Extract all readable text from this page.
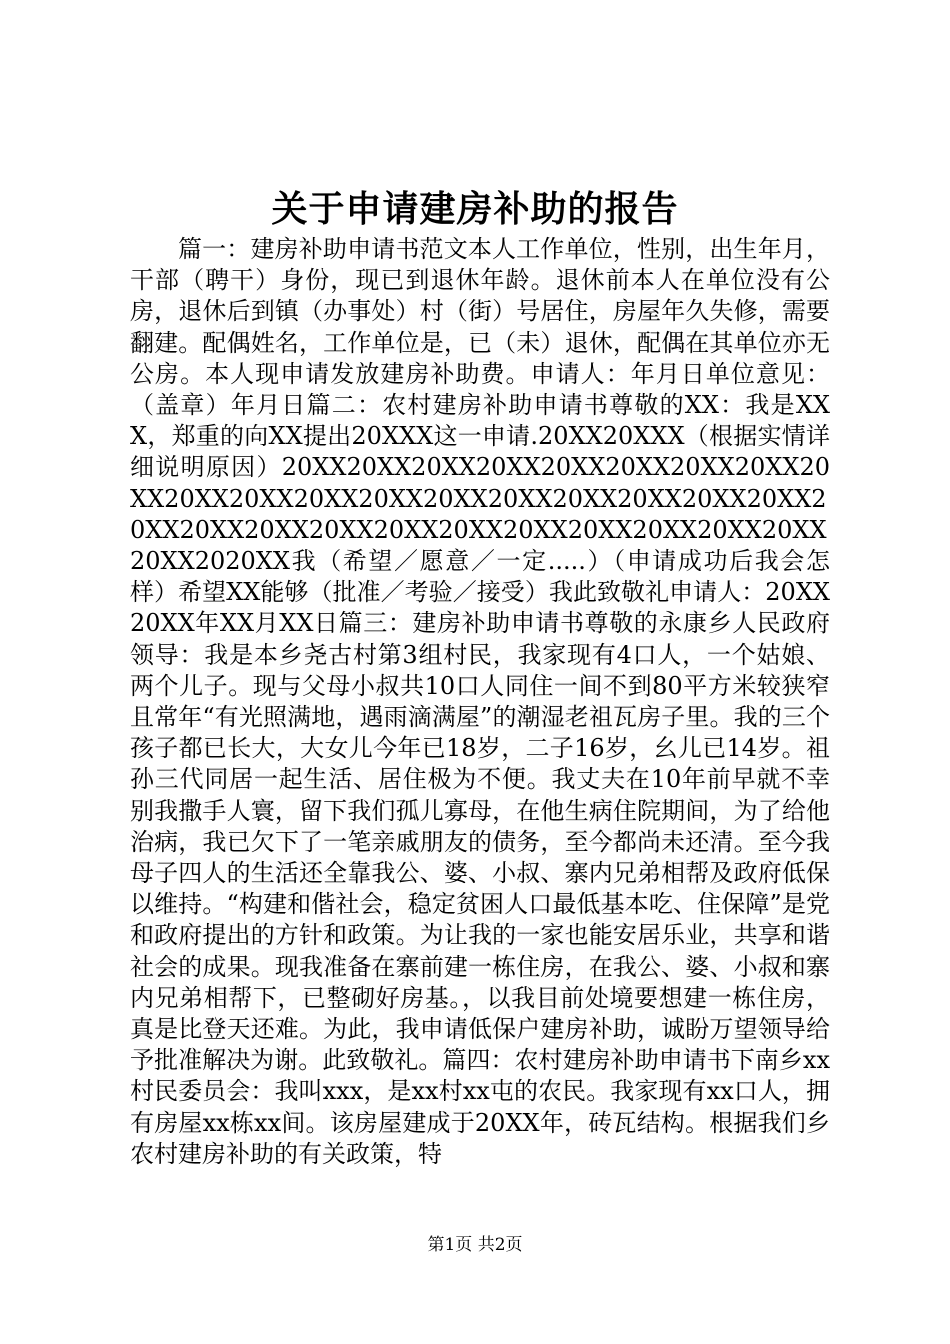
关于申请建房补助的报告

篇一：建房补助申请书范文本人工作单位，性别，出生年月，干部（聘干）身份，现已到退休年龄。退休前本人在单位没有公房，退休后到镇（办事处）村（街）号居住，房屋年久失修，需要翻建。配偶姓名，工作单位是，已（未）退休，配偶在其单位亦无公房。本人现申请发放建房补助费。申请人：年月日单位意见：（盖章）年月日篇二：农村建房补助申请书尊敬的XX：我是XXX，郑重的向XX提出20XXX这一申请.20XX20XXX（根据实情详细说明原因）20XX20XX20XX20XX20XX20XX20XX20XX20XX20XX20XX20XX20XX20XX20XX20XX20XX20XX20XX20XX20XX20XX20XX20XX20XX20XX20XX20XX20XX20XX20XX2020XX我（希望／愿意／一定.....）（申请成功后我会怎样）希望XX能够（批准／考验／接受）我此致敬礼申请人：20XX20XX年XX月XX日篇三：建房补助申请书尊敬的永康乡人民政府领导：我是本乡尧古村第3组村民，我家现有4口人，一个姑娘、两个儿子。现与父母小叔共10口人同住一间不到80平方米较狭窄且常年“有光照满地，遇雨滴满屋”的潮湿老祖瓦房子里。我的三个孩子都已长大，大女儿今年已18岁，二子16岁，幺儿已14岁。祖孙三代同居一起生活、居住极为不便。我丈夫在10年前早就不幸别我撒手人寰，留下我们孤儿寡母，在他生病住院期间，为了给他治病，我已欠下了一笔亲戚朋友的债务，至今都尚未还清。至今我母子四人的生活还全靠我公、婆、小叔、寨内兄弟相帮及政府低保以维持。“构建和偕社会，稳定贫困人口最低基本吃、住保障”是党和政府提出的方针和政策。为让我的一家也能安居乐业，共享和谐社会的成果。现我准备在寨前建一栋住房，在我公、婆、小叔和寨内兄弟相帮下，已整砌好房基。，以我目前处境要想建一栋住房，真是比登天还难。为此，我申请低保户建房补助，诚盼万望领导给予批准解决为谢。此致敬礼。篇四：农村建房补助申请书下南乡xx村民委员会：我叫xxx，是xx村xx屯的农民。我家现有xx口人，拥有房屋xx栋xx间。该房屋建成于20XX年，砖瓦结构。根据我们乡农村建房补助的有关政策，特

第1页 共2页
